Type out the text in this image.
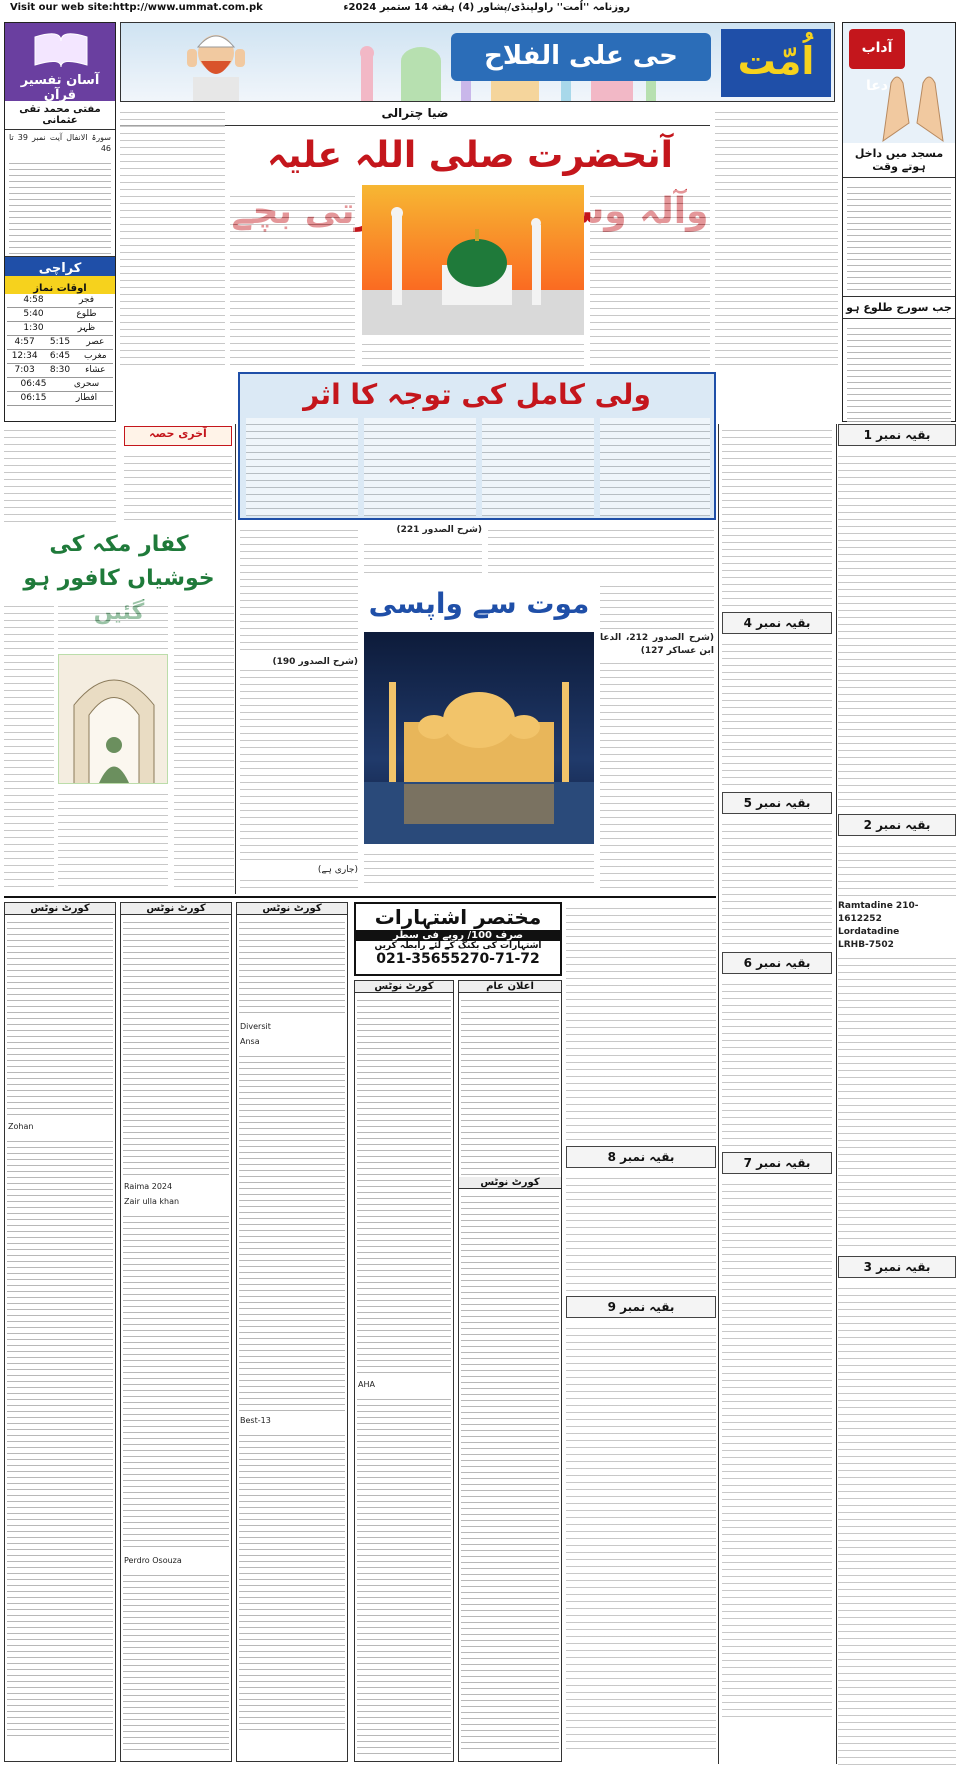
Visit our web site:http://www.ummat.com.pk	روزنامہ ''اُمت'' راولپنڈی/پشاور (4) ہفتہ 14 ستمبر 2024ء
حی علی الفلاح	اُمّت
آسان تفسیر قرآن
مفتی محمد تقی عثمانی
سورۃ الانفال آیت نمبر 39 تا 46
کراچی
اوقات نماز
4:58	فجر
5:40	طلوع
1:30	ظہر
4:57	5:15	عصر
12:34	6:45	مغرب
7:03	8:30	عشاء
06:45	سحری
06:15	افطار
آداب دعا
مسجد میں داخل ہوتے وقت
جب سورج طلوع ہو
ضیا چترالی
آنحضرت صلی اللہ علیہ
ولی کامل کی توجہ کا اثر
آخری حصہ
کفار مکہ کی خوشیاں کافور ہو
(شرح الصدور 190)
(شرح الصدور 221)
موت سے واپسی
(شرح الصدور 212، الدعا ابن عساکر 127)
(جاری ہے)
بقیہ نمبر 4
بقیہ نمبر 5
بقیہ نمبر 6
بقیہ نمبر 7
بقیہ نمبر 1
بقیہ نمبر 2
Ramtadine 210-1612252
Lordatadine
LRHB-7502
بقیہ نمبر 3
کورٹ نوٹس
Zohan
کورٹ نوٹس
Raima 2024
Zair ulla khan
Perdro Osouza
کورٹ نوٹس
Diversit
Ansa
Best-13
مختصر اشتہارات
صرف 100/ روپے فی سطر
اشتہارات کی بکنگ کے لئے رابطہ کریں
021-35655270-71-72
کورٹ نوٹس
AHA
اعلان عام
کورٹ نوٹس
بقیہ نمبر 8
بقیہ نمبر 9
